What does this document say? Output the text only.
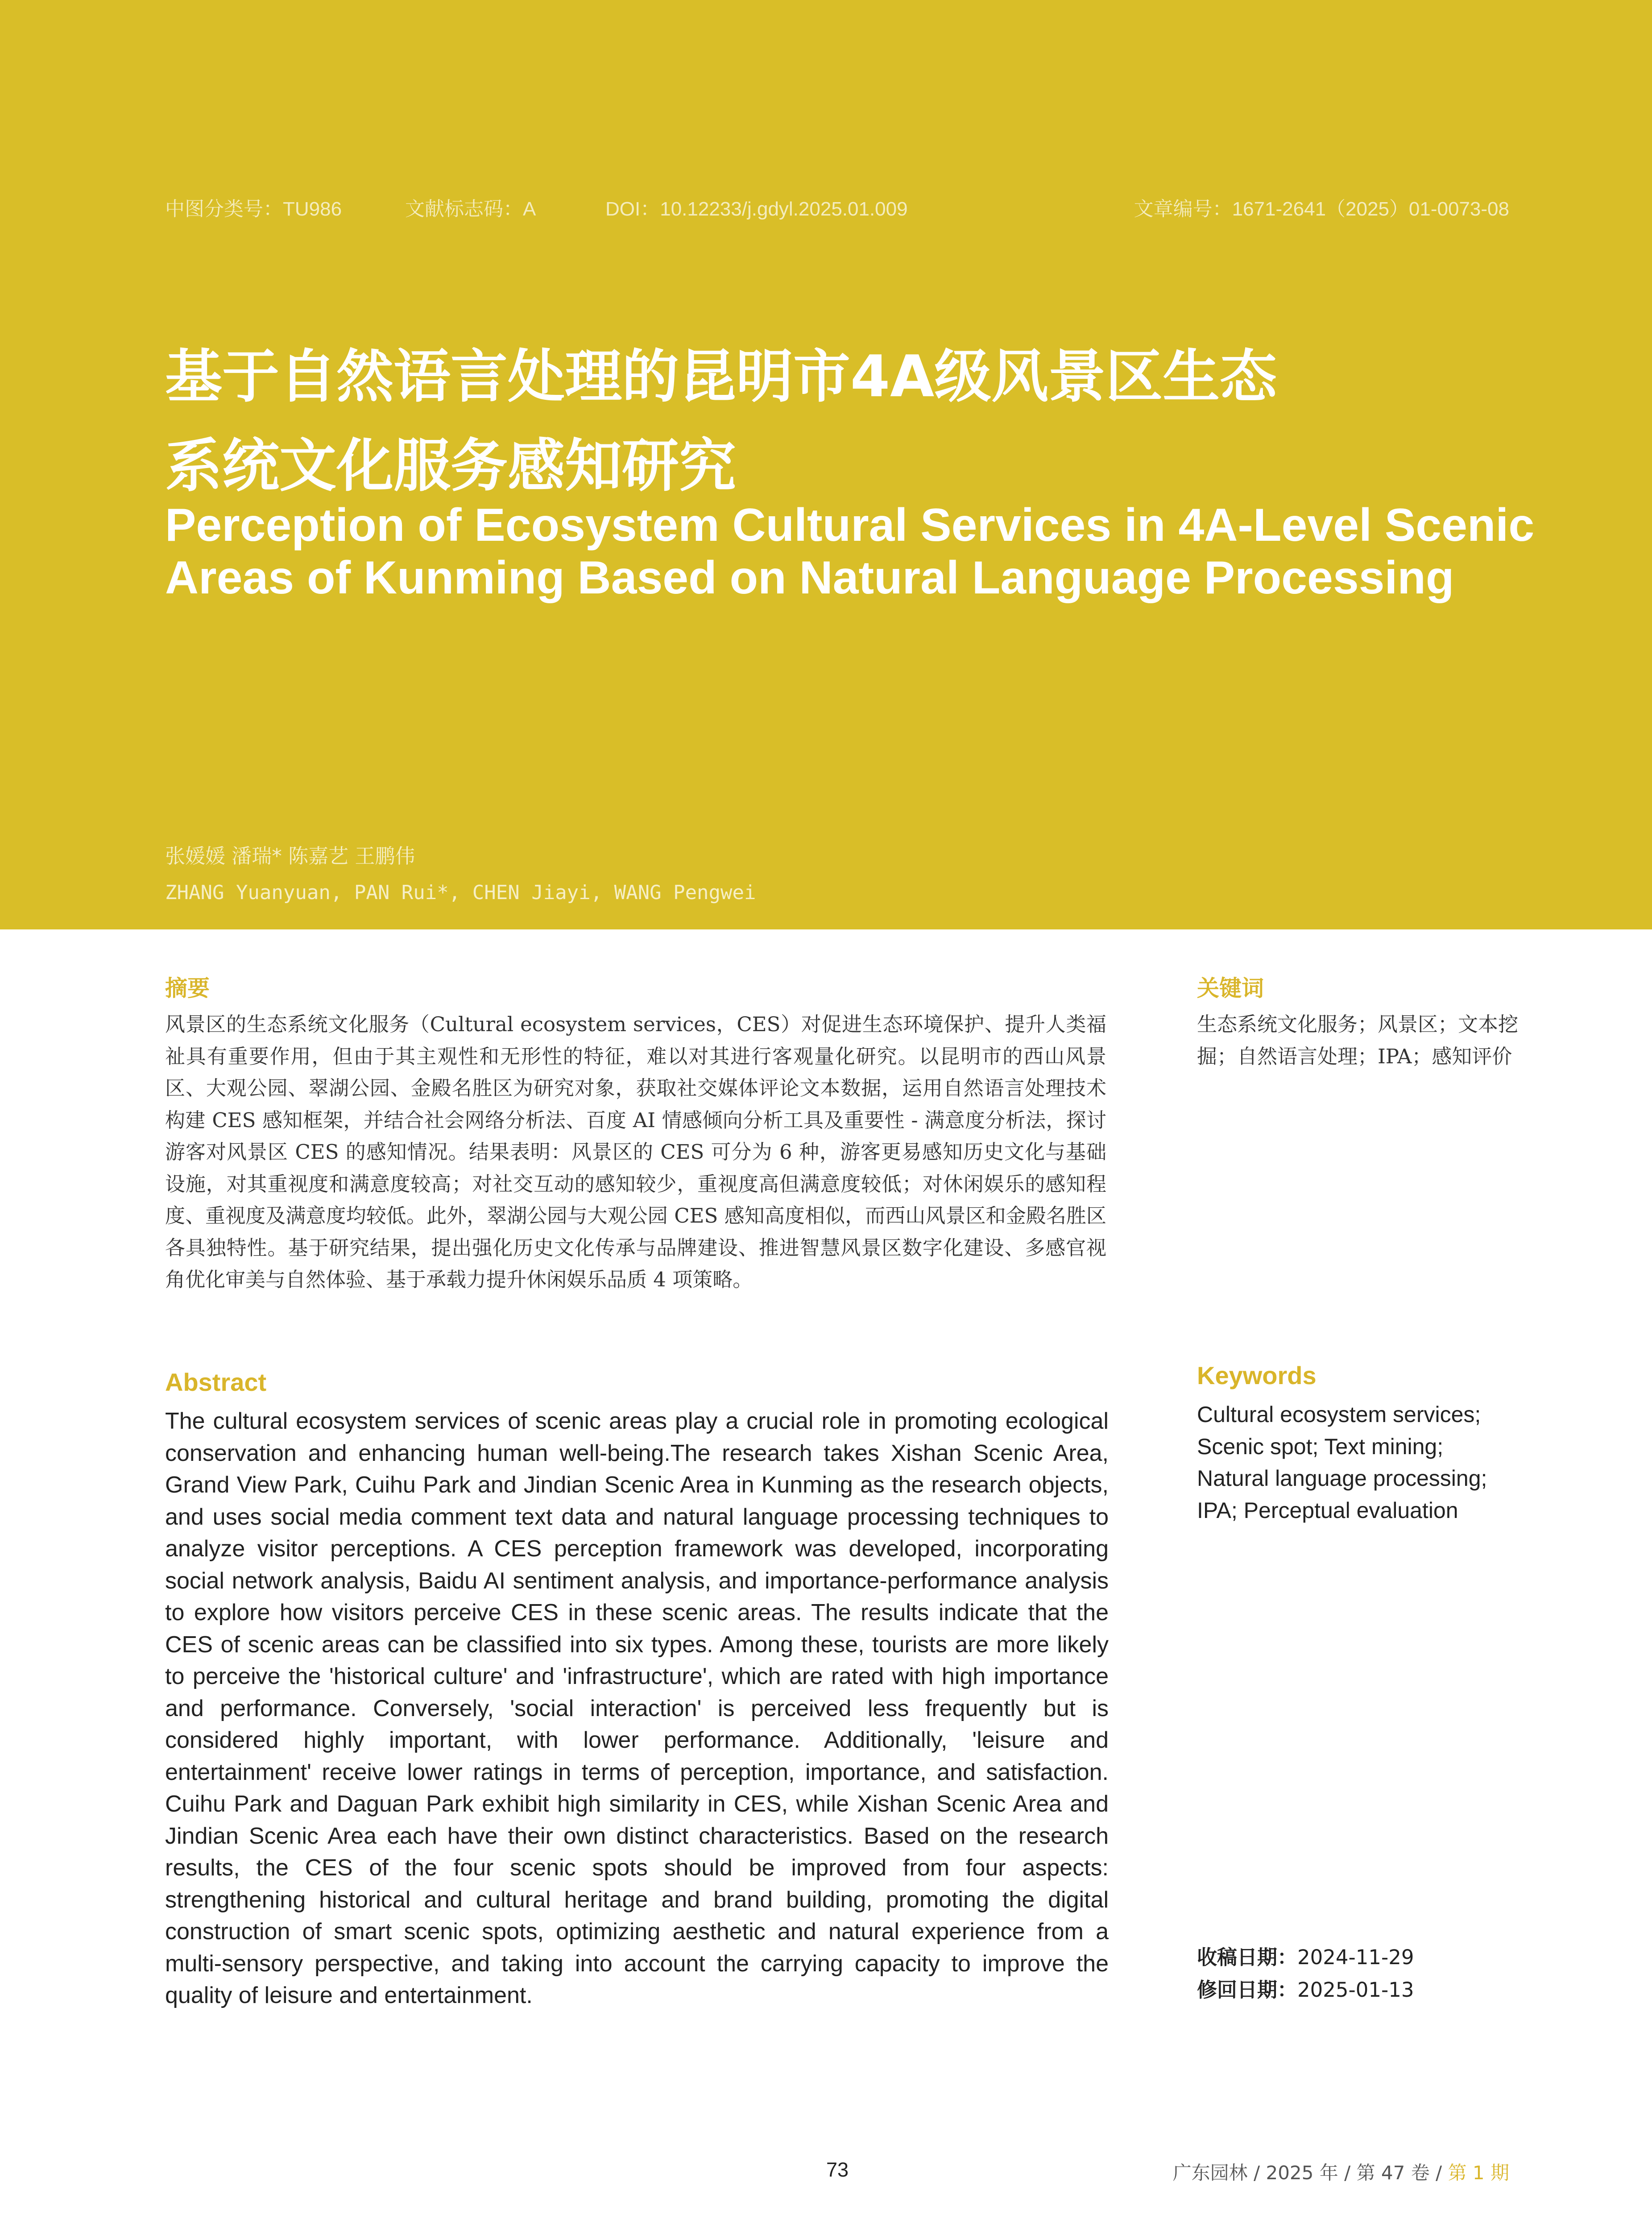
中图分类号：TU986	文献标志码：A	DOI：10.12233/j.gdyl.2025.01.009	文章编号：1671-2641（2025）01-0073-08
基于自然语言处理的昆明市4A级风景区生态
系统文化服务感知研究
Perception of Ecosystem Cultural Services in 4A-Level Scenic
Areas of Kunming Based on Natural Language Processing
张媛媛 潘瑞* 陈嘉艺 王鹏伟
ZHANG Yuanyuan, PAN Rui*, CHEN Jiayi, WANG Pengwei
摘要

风景区的生态系统文化服务（Cultural ecosystem services，CES）对促进生态环境保护、提升人类福祉具有重要作用，但由于其主观性和无形性的特征，难以对其进行客观量化研究。以昆明市的西山风景区、大观公园、翠湖公园、金殿名胜区为研究对象，获取社交媒体评论文本数据，运用自然语言处理技术构建 CES 感知框架，并结合社会网络分析法、百度 AI 情感倾向分析工具及重要性 - 满意度分析法，探讨游客对风景区 CES 的感知情况。结果表明：风景区的 CES 可分为 6 种，游客更易感知历史文化与基础设施，对其重视度和满意度较高；对社交互动的感知较少，重视度高但满意度较低；对休闲娱乐的感知程度、重视度及满意度均较低。此外，翠湖公园与大观公园 CES 感知高度相似，而西山风景区和金殿名胜区各具独特性。基于研究结果，提出强化历史文化传承与品牌建设、推进智慧风景区数字化建设、多感官视角优化审美与自然体验、基于承载力提升休闲娱乐品质 4 项策略。

关键词

生态系统文化服务；风景区；文本挖掘；自然语言处理；IPA；感知评价

Abstract

The cultural ecosystem services of scenic areas play a crucial role in promoting ecological conservation and enhancing human well-being.The research takes Xishan Scenic Area, Grand View Park, Cuihu Park and Jindian Scenic Area in Kunming as the research objects, and uses social media comment text data and natural language processing techniques to analyze visitor perceptions. A CES perception framework was developed, incorporating social network analysis, Baidu AI sentiment analysis, and importance-performance analysis to explore how visitors perceive CES in these scenic areas. The results indicate that the CES of scenic areas can be classified into six types. Among these, tourists are more likely to perceive the 'historical culture' and 'infrastructure', which are rated with high importance and performance. Conversely, 'social interaction' is perceived less frequently but is considered highly important, with lower performance. Additionally, 'leisure and entertainment' receive lower ratings in terms of perception, importance, and satisfaction. Cuihu Park and Daguan Park exhibit high similarity in CES, while Xishan Scenic Area and Jindian Scenic Area each have their own distinct characteristics. Based on the research results, the CES of the four scenic spots should be improved from four aspects: strengthening historical and cultural heritage and brand building, promoting the digital construction of smart scenic spots, optimizing aesthetic and natural experience from a multi-sensory perspective, and taking into account the carrying capacity to improve the quality of leisure and entertainment.

Keywords
Cultural ecosystem services;
Scenic spot; Text mining;
Natural language processing;
IPA; Perceptual evaluation
收稿日期：2024-11-29
修回日期：2025-01-13
73	广东园林 / 2025 年 / 第 47 卷 / 第 1 期
